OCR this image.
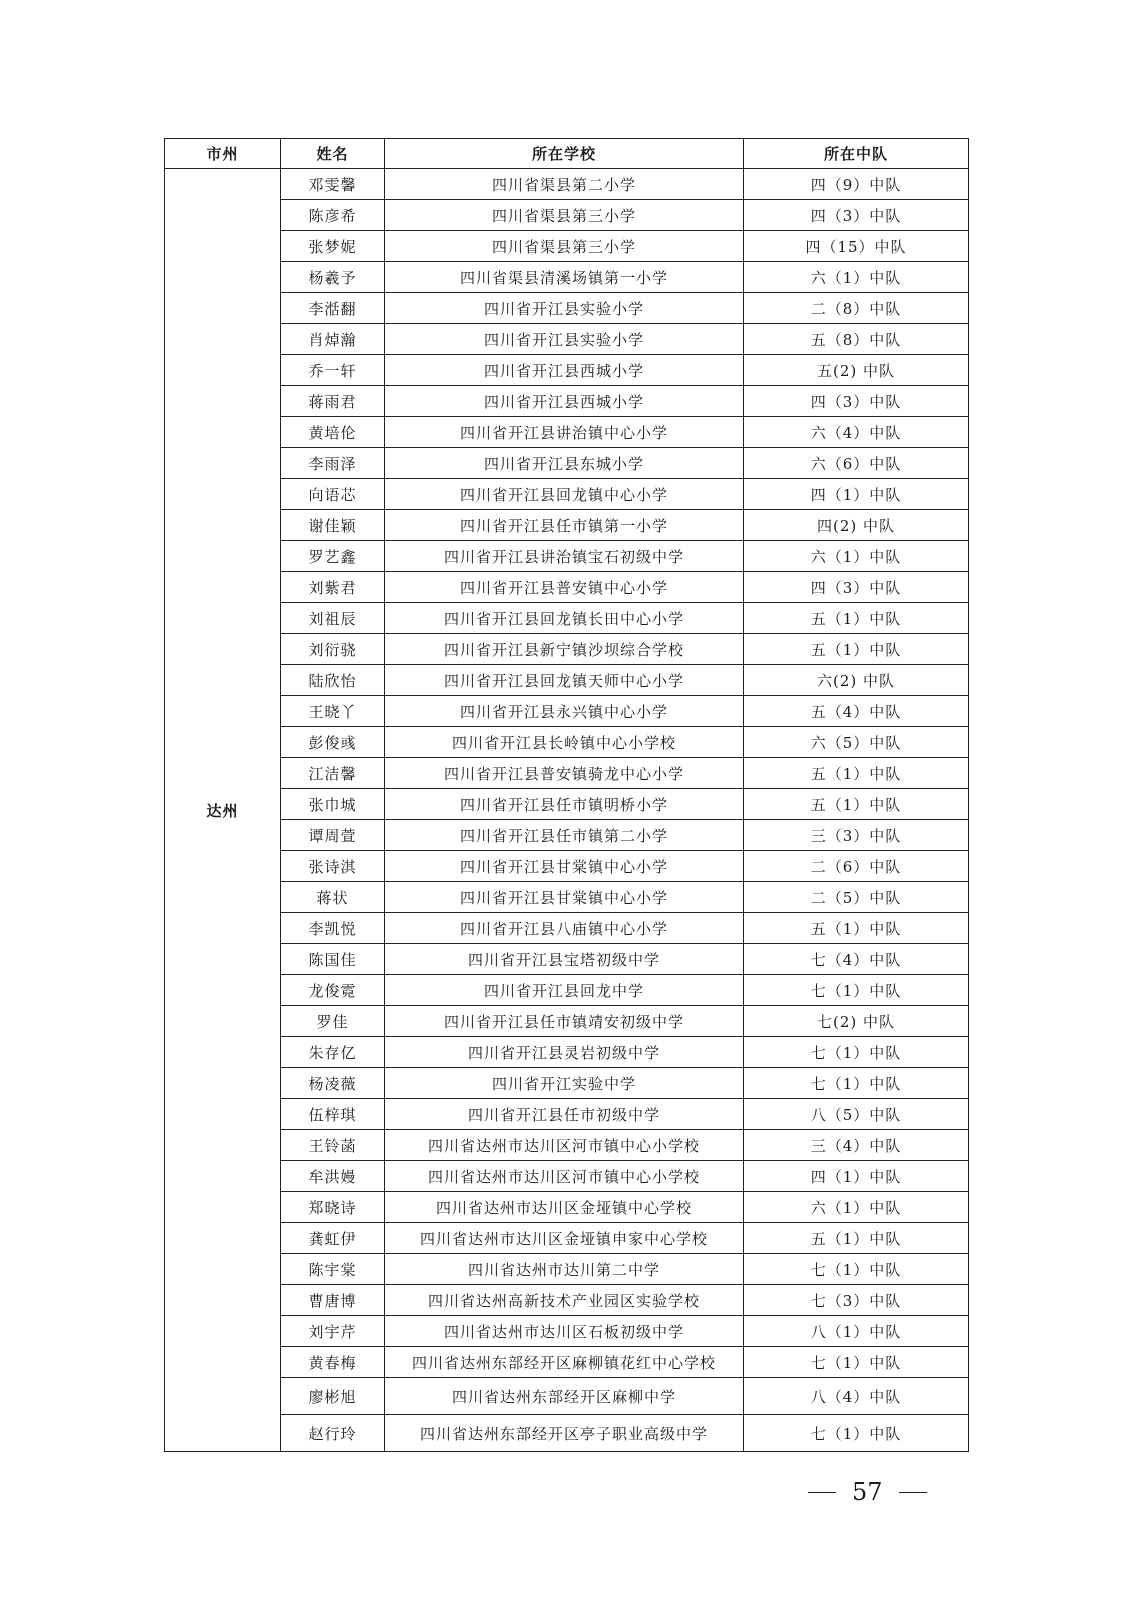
市州	姓名	所在学校	所在中队
达州	邓雯馨	四川省渠县第二小学	四（9）中队
	陈彦希	四川省渠县第三小学	四（3）中队
	张梦妮	四川省渠县第三小学	四（15）中队
	杨羲予	四川省渠县清溪场镇第一小学	六（1）中队
	李湉翻	四川省开江县实验小学	二（8）中队
	肖焯瀚	四川省开江县实验小学	五（8）中队
	乔一轩	四川省开江县西城小学	五(2) 中队
	蒋雨君	四川省开江县西城小学	四（3）中队
	黄培伦	四川省开江县讲治镇中心小学	六（4）中队
	李雨泽	四川省开江县东城小学	六（6）中队
	向语芯	四川省开江县回龙镇中心小学	四（1）中队
	谢佳颖	四川省开江县任市镇第一小学	四(2) 中队
	罗艺鑫	四川省开江县讲治镇宝石初级中学	六（1）中队
	刘紫君	四川省开江县普安镇中心小学	四（3）中队
	刘祖辰	四川省开江县回龙镇长田中心小学	五（1）中队
	刘衍骁	四川省开江县新宁镇沙坝综合学校	五（1）中队
	陆欣怡	四川省开江县回龙镇天师中心小学	六(2) 中队
	王晓丫	四川省开江县永兴镇中心小学	五（4）中队
	彭俊彧	四川省开江县长岭镇中心小学校	六（5）中队
	江洁馨	四川省开江县普安镇骑龙中心小学	五（1）中队
	张巾城	四川省开江县任市镇明桥小学	五（1）中队
	谭周萱	四川省开江县任市镇第二小学	三（3）中队
	张诗淇	四川省开江县甘棠镇中心小学	二（6）中队
	蒋状	四川省开江县甘棠镇中心小学	二（5）中队
	李凯悦	四川省开江县八庙镇中心小学	五（1）中队
	陈国佳	四川省开江县宝塔初级中学	七（4）中队
	龙俊霓	四川省开江县回龙中学	七（1）中队
	罗佳	四川省开江县任市镇靖安初级中学	七(2) 中队
	朱存亿	四川省开江县灵岩初级中学	七（1）中队
	杨凌薇	四川省开江实验中学	七（1）中队
	伍梓琪	四川省开江县任市初级中学	八（5）中队
	王铃菡	四川省达州市达川区河市镇中心小学校	三（4）中队
	牟洪嫚	四川省达州市达川区河市镇中心小学校	四（1）中队
	郑晓诗	四川省达州市达川区金垭镇中心学校	六（1）中队
	龚虹伊	四川省达州市达川区金垭镇申家中心学校	五（1）中队
	陈宇棠	四川省达州市达川第二中学	七（1）中队
	曹唐博	四川省达州高新技术产业园区实验学校	七（3）中队
	刘宇芹	四川省达州市达川区石板初级中学	八（1）中队
	黄春梅	四川省达州东部经开区麻柳镇花红中心学校	七（1）中队
	廖彬旭	四川省达州东部经开区麻柳中学	八（4）中队
	赵行玲	四川省达州东部经开区亭子职业高级中学	七（1）中队
57
